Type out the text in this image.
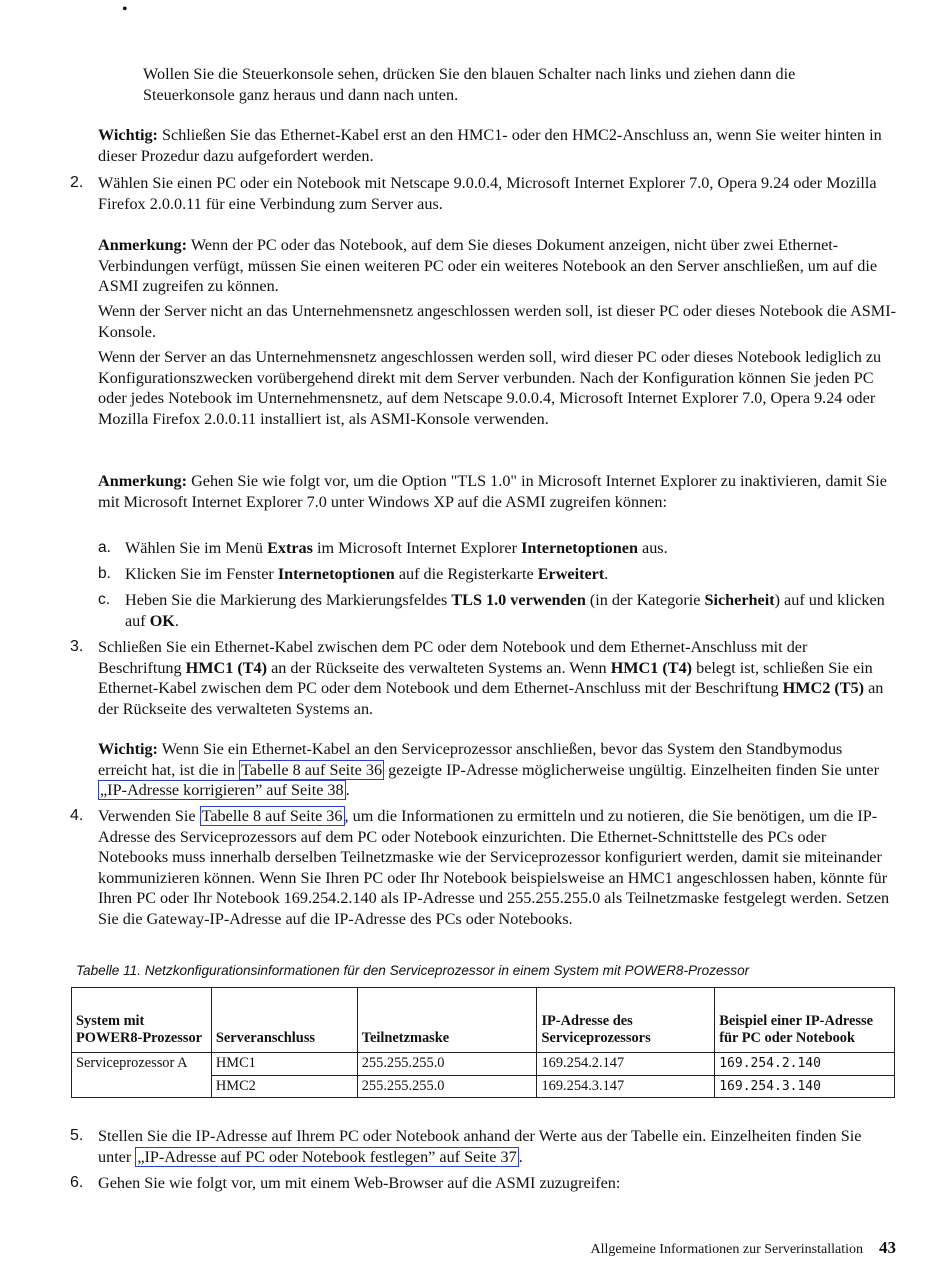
•

Wollen Sie die Steuerkonsole sehen, drücken Sie den blauen Schalter nach links und ziehen dann die Steuerkonsole ganz heraus und dann nach unten.

Wichtig: Schließen Sie das Ethernet-Kabel erst an den HMC1- oder den HMC2-Anschluss an, wenn Sie weiter hinten in dieser Prozedur dazu aufgefordert werden.

2. Wählen Sie einen PC oder ein Notebook mit Netscape 9.0.0.4, Microsoft Internet Explorer 7.0, Opera 9.24 oder Mozilla Firefox 2.0.0.11 für eine Verbindung zum Server aus.

Anmerkung: Wenn der PC oder das Notebook, auf dem Sie dieses Dokument anzeigen, nicht über zwei Ethernet-Verbindungen verfügt, müssen Sie einen weiteren PC oder ein weiteres Notebook an den Server anschließen, um auf die ASMI zugreifen zu können.

Wenn der Server nicht an das Unternehmensnetz angeschlossen werden soll, ist dieser PC oder dieses Notebook die ASMI-Konsole.

Wenn der Server an das Unternehmensnetz angeschlossen werden soll, wird dieser PC oder dieses Notebook lediglich zu Konfigurationszwecken vorübergehend direkt mit dem Server verbunden. Nach der Konfiguration können Sie jeden PC oder jedes Notebook im Unternehmensnetz, auf dem Netscape 9.0.0.4, Microsoft Internet Explorer 7.0, Opera 9.24 oder Mozilla Firefox 2.0.0.11 installiert ist, als ASMI-Konsole verwenden.

Anmerkung: Gehen Sie wie folgt vor, um die Option "TLS 1.0" in Microsoft Internet Explorer zu inaktivieren, damit Sie mit Microsoft Internet Explorer 7.0 unter Windows XP auf die ASMI zugreifen können:

a. Wählen Sie im Menü Extras im Microsoft Internet Explorer Internetoptionen aus.

b. Klicken Sie im Fenster Internetoptionen auf die Registerkarte Erweitert.

c. Heben Sie die Markierung des Markierungsfeldes TLS 1.0 verwenden (in der Kategorie Sicherheit) auf und klicken auf OK.

3. Schließen Sie ein Ethernet-Kabel zwischen dem PC oder dem Notebook und dem Ethernet-Anschluss mit der Beschriftung HMC1 (T4) an der Rückseite des verwalteten Systems an. Wenn HMC1 (T4) belegt ist, schließen Sie ein Ethernet-Kabel zwischen dem PC oder dem Notebook und dem Ethernet-Anschluss mit der Beschriftung HMC2 (T5) an der Rückseite des verwalteten Systems an.

Wichtig: Wenn Sie ein Ethernet-Kabel an den Serviceprozessor anschließen, bevor das System den Standbymodus erreicht hat, ist die in Tabelle 8 auf Seite 36 gezeigte IP-Adresse möglicherweise ungültig. Einzelheiten finden Sie unter „IP-Adresse korrigieren” auf Seite 38 .

4. Verwenden Sie Tabelle 8 auf Seite 36 , um die Informationen zu ermitteln und zu notieren, die Sie benötigen, um die IP-Adresse des Serviceprozessors auf dem PC oder Notebook einzurichten. Die Ethernet-Schnittstelle des PCs oder Notebooks muss innerhalb derselben Teilnetzmaske wie der Serviceprozessor konfiguriert werden, damit sie miteinander kommunizieren können. Wenn Sie Ihren PC oder Ihr Notebook beispielsweise an HMC1 angeschlossen haben, könnte für Ihren PC oder Ihr Notebook 169.254.2.140 als IP-Adresse und 255.255.255.0 als Teilnetzmaske festgelegt werden. Setzen Sie die Gateway-IP-Adresse auf die IP-Adresse des PCs oder Notebooks.

Tabelle 11. Netzkonfigurationsinformationen für den Serviceprozessor in einem System mit POWER8-Prozessor
System mit POWER8-Prozessor	Serveranschluss	Teilnetzmaske	IP-Adresse des Serviceprozessors	Beispiel einer IP-Adresse für PC oder Notebook
Serviceprozessor A	HMC1	255.255.255.0	169.254.2.147	169.254.2.140
	HMC2	255.255.255.0	169.254.3.147	169.254.3.140
5. Stellen Sie die IP-Adresse auf Ihrem PC oder Notebook anhand der Werte aus der Tabelle ein. Einzelheiten finden Sie unter „IP-Adresse auf PC oder Notebook festlegen” auf Seite 37 .

6. Gehen Sie wie folgt vor, um mit einem Web-Browser auf die ASMI zuzugreifen:

Allgemeine Informationen zur Serverinstallation 43
